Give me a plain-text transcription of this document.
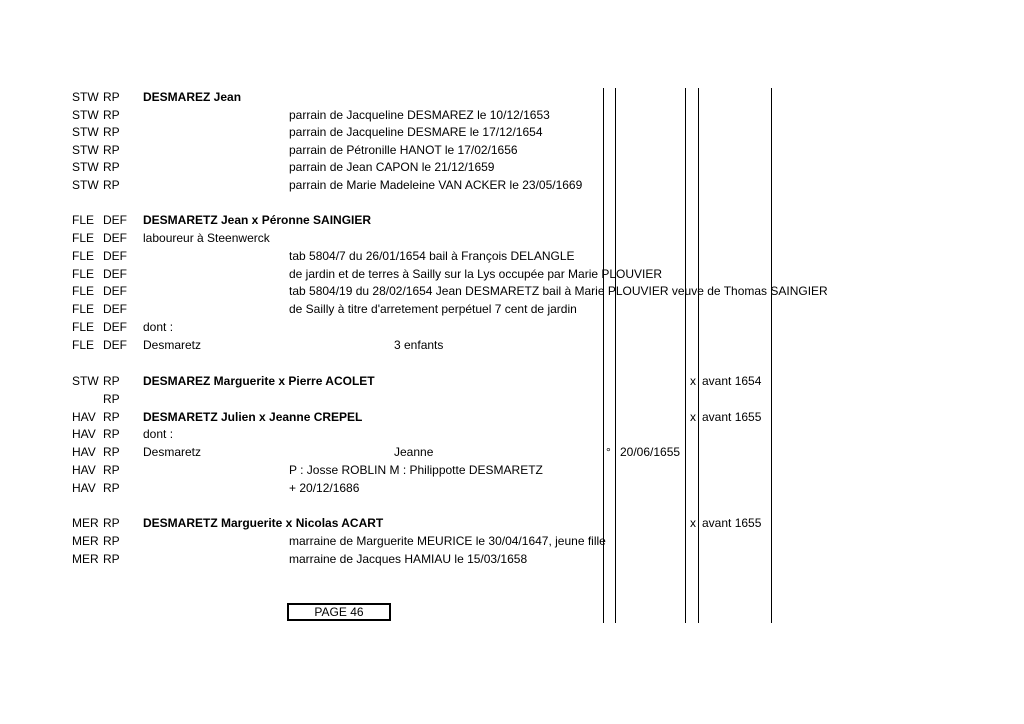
STW RP DESMAREZ Jean
STW RP	parrain de Jacqueline DESMAREZ le 10/12/1653
STW RP	parrain de Jacqueline DESMARE le 17/12/1654
STW RP	parrain de Pétronille HANOT le 17/02/1656
STW RP	parrain de Jean CAPON le 21/12/1659
STW RP	parrain de Marie Madeleine VAN ACKER le 23/05/1669
FLE DEF DESMARETZ Jean x Péronne SAINGIER
FLE DEF laboureur à Steenwerck
FLE DEF	tab 5804/7 du 26/01/1654 bail à François DELANGLE
FLE DEF	de jardin et de terres à Sailly sur la Lys occupée par Marie PLOUVIER
FLE DEF	tab 5804/19 du 28/02/1654 Jean DESMARETZ bail à Marie PLOUVIER veuve de Thomas SAINGIER
FLE DEF	de Sailly à titre d'arretement perpétuel 7 cent de jardin
FLE DEF dont :
FLE DEF Desmaretz	3 enfants
STW RP DESMAREZ Marguerite x Pierre ACOLET	x avant 1654
RP
HAV RP DESMARETZ Julien x Jeanne CREPEL	x avant 1655
HAV RP dont :
HAV RP Desmaretz	Jeanne	° 20/06/1655
HAV RP	P : Josse ROBLIN M : Philippotte DESMARETZ
HAV RP	+ 20/12/1686
MER RP DESMARETZ Marguerite x Nicolas ACART	x avant 1655
MER RP	marraine de Marguerite MEURICE le 30/04/1647, jeune fille
MER RP	marraine de Jacques HAMIAU le 15/03/1658
PAGE 46
